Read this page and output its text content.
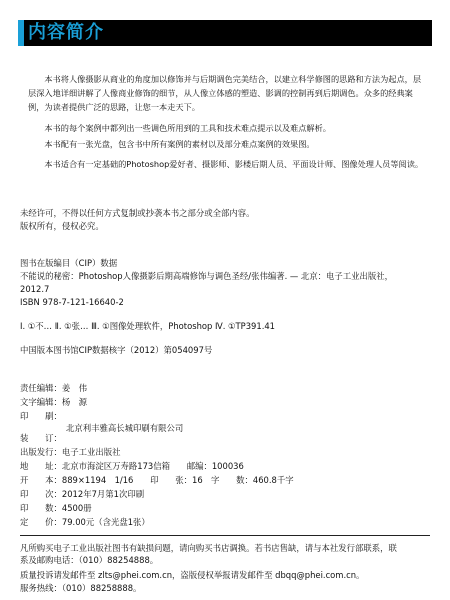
内容简介
本书将人像摄影从商业的角度加以修饰并与后期调色完美结合，以建立科学修图的思路和方法为起点，层层深入地详细讲解了人像商业修饰的细节，从人像立体感的塑造、影调的控制再到后期调色。众多的经典案例，为读者提供广泛的思路，让您一本走天下。
本书的每个案例中都列出一些调色所用到的工具和技术难点提示以及难点解析。
本书配有一张光盘，包含书中所有案例的素材以及部分难点案例的效果图。
本书适合有一定基础的Photoshop爱好者、摄影师、影楼后期人员、平面设计师、图像处理人员等阅读。
未经许可，不得以任何方式复制或抄袭本书之部分或全部内容。
版权所有，侵权必究。
图书在版编目（CIP）数据
不能说的秘密：Photoshop人像摄影后期高端修饰与调色圣经/张伟编著. — 北京：电子工业出版社，
2012.7
ISBN 978-7-121-16640-2
Ⅰ. ①不… Ⅱ. ①张… Ⅲ. ①图像处理软件，Photoshop Ⅳ. ①TP391.41
中国版本图书馆CIP数据核字（2012）第054097号
责任编辑：姜　伟
文字编辑：杨　源
印　　刷：
北京利丰雅高长城印刷有限公司
装　　订：
出版发行：电子工业出版社
地　　址：北京市海淀区万寿路173信箱　　邮编：100036
开　　本：889×1194　1/16　　印　　张：16　字　　数：460.8千字
印　　次：2012年7月第1次印刷
印　　数：4500册
定　　价：79.00元（含光盘1张）
凡所购买电子工业出版社图书有缺损问题，请向购买书店调换。若书店售缺，请与本社发行部联系，联
系及邮购电话：（010）88254888。
质量投诉请发邮件至 zlts@phei.com.cn，盗版侵权举报请发邮件至 dbqq@phei.com.cn。
服务热线：（010）88258888。
